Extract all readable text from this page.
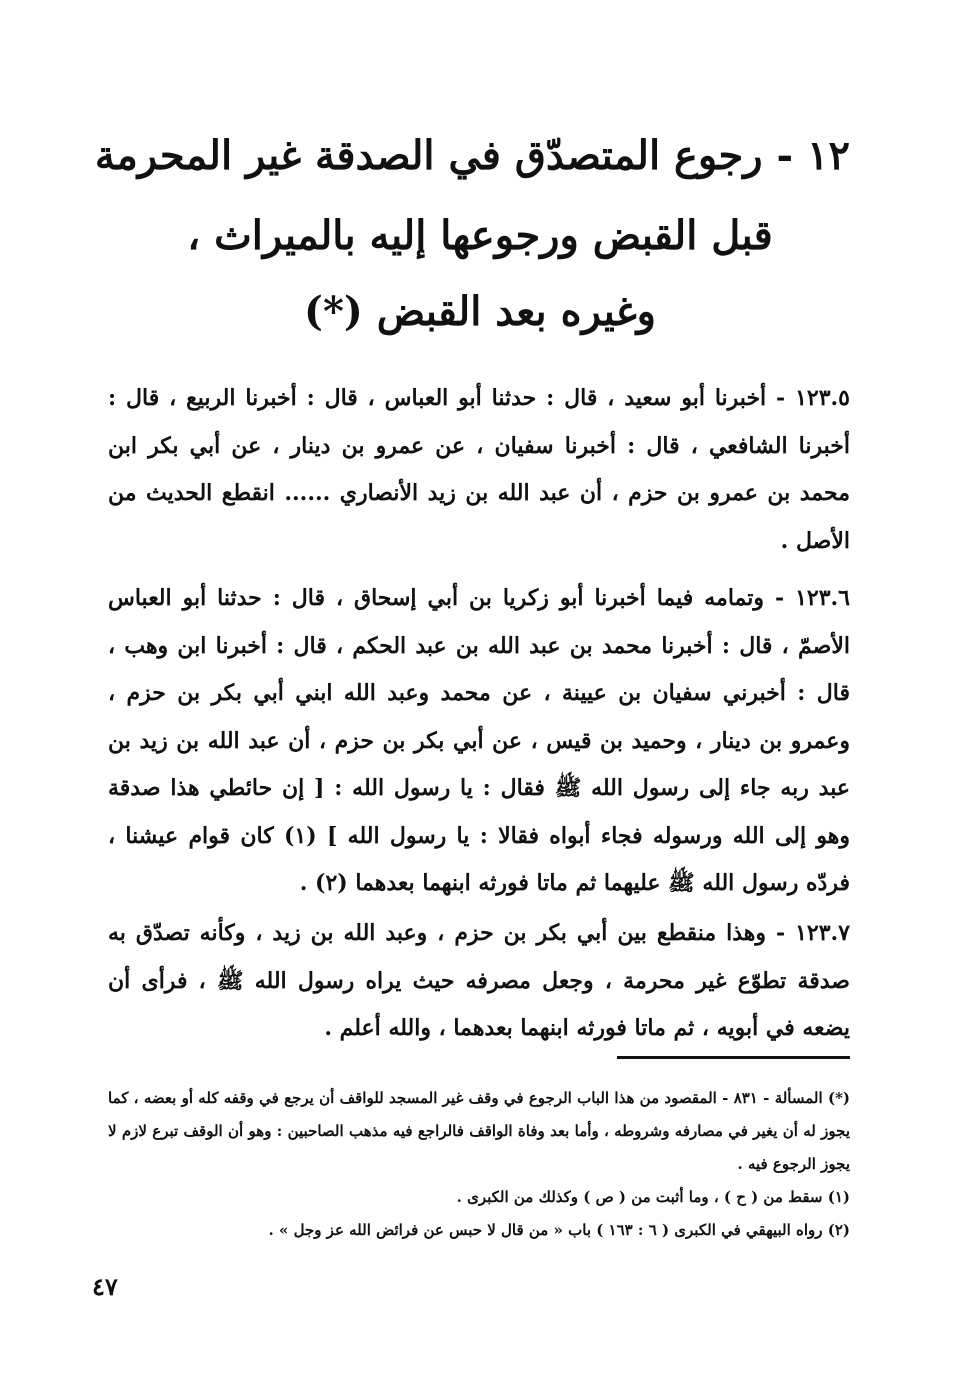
١٢ - رجوع المتصدّق في الصدقة غير المحرمة
قبل القبض ورجوعها إليه بالميراث ،
وغيره بعد القبض (*)

١٢٣.٥ - أخبرنا أبو سعيد ، قال : حدثنا أبو العباس ، قال : أخبرنا الربيع ، قال : أخبرنا الشافعي ، قال : أخبرنا سفيان ، عن عمرو بن دينار ، عن أبي بكر ابن محمد بن عمرو بن حزم ، أن عبد الله بن زيد الأنصاري ...... انقطع الحديث من الأصل .

١٢٣.٦ - وتمامه فيما أخبرنا أبو زكريا بن أبي إسحاق ، قال : حدثنا أبو العباس الأصمّ ، قال : أخبرنا محمد بن عبد الله بن عبد الحكم ، قال : أخبرنا ابن وهب ، قال : أخبرني سفيان بن عيينة ، عن محمد وعبد الله ابني أبي بكر بن حزم ، وعمرو بن دينار ، وحميد بن قيس ، عن أبي بكر بن حزم ، أن عبد الله بن زيد بن عبد ربه جاء إلى رسول الله ﷺ فقال : يا رسول الله : [ إن حائطي هذا صدقة وهو إلى الله ورسوله فجاء أبواه فقالا : يا رسول الله ] (١) كان قوام عيشنا ، فردّه رسول الله ﷺ عليهما ثم ماتا فورثه ابنهما بعدهما (٢) .

١٢٣.٧ - وهذا منقطع بين أبي بكر بن حزم ، وعبد الله بن زيد ، وكأنه تصدّق به صدقة تطوّع غير محرمة ، وجعل مصرفه حيث يراه رسول الله ﷺ ، فرأى أن يضعه في أبويه ، ثم ماتا فورثه ابنهما بعدهما ، والله أعلم .

(*) المسألة - ٨٣١ - المقصود من هذا الباب الرجوع في وقف غير المسجد للواقف أن يرجع في وقفه كله أو بعضه ، كما يجوز له أن يغير في مصارفه وشروطه ، وأما بعد وفاة الواقف فالراجع فيه مذهب الصاحبين : وهو أن الوقف تبرع لازم لا يجوز الرجوع فيه .

(١) سقط من ( ح ) ، وما أثبت من ( ص ) وكذلك من الكبرى .

(٢) رواه البيهقي في الكبرى ( ٦ : ١٦٣ ) باب « من قال لا حبس عن فرائض الله عز وجل » .

٤٧
